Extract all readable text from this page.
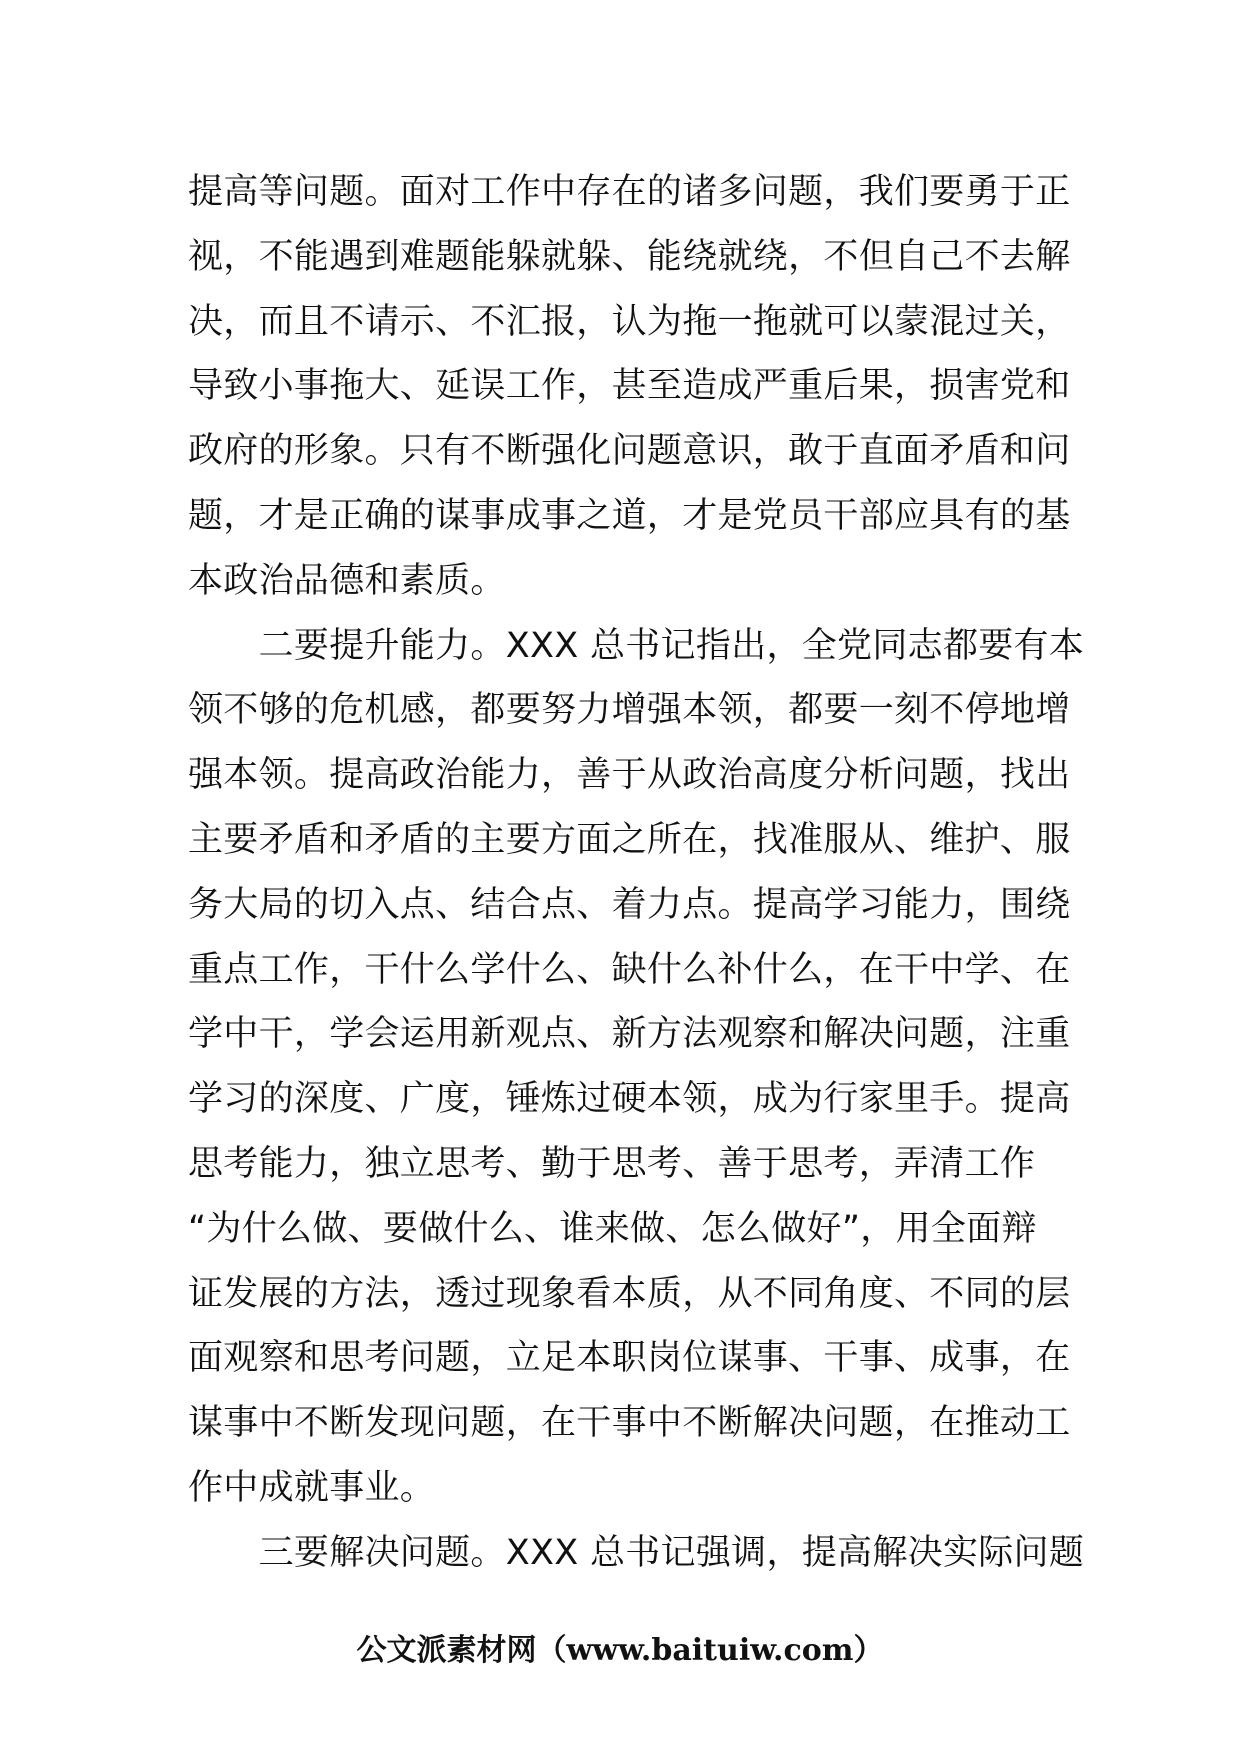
提高等问题。面对工作中存在的诸多问题，我们要勇于正
视，不能遇到难题能躲就躲、能绕就绕，不但自己不去解
决，而且不请示、不汇报，认为拖一拖就可以蒙混过关，
导致小事拖大、延误工作，甚至造成严重后果，损害党和
政府的形象。只有不断强化问题意识，敢于直面矛盾和问
题，才是正确的谋事成事之道，才是党员干部应具有的基
本政治品德和素质。
　　二要提升能力。XXX 总书记指出，全党同志都要有本
领不够的危机感，都要努力增强本领，都要一刻不停地增
强本领。提高政治能力，善于从政治高度分析问题，找出
主要矛盾和矛盾的主要方面之所在，找准服从、维护、服
务大局的切入点、结合点、着力点。提高学习能力，围绕
重点工作，干什么学什么、缺什么补什么，在干中学、在
学中干，学会运用新观点、新方法观察和解决问题，注重
学习的深度、广度，锤炼过硬本领，成为行家里手。提高
思考能力，独立思考、勤于思考、善于思考，弄清工作
“为什么做、要做什么、谁来做、怎么做好”，用全面辩
证发展的方法，透过现象看本质，从不同角度、不同的层
面观察和思考问题，立足本职岗位谋事、干事、成事，在
谋事中不断发现问题，在干事中不断解决问题，在推动工
作中成就事业。
　　三要解决问题。XXX 总书记强调，提高解决实际问题
公文派素材网（www.baituiw.com）
